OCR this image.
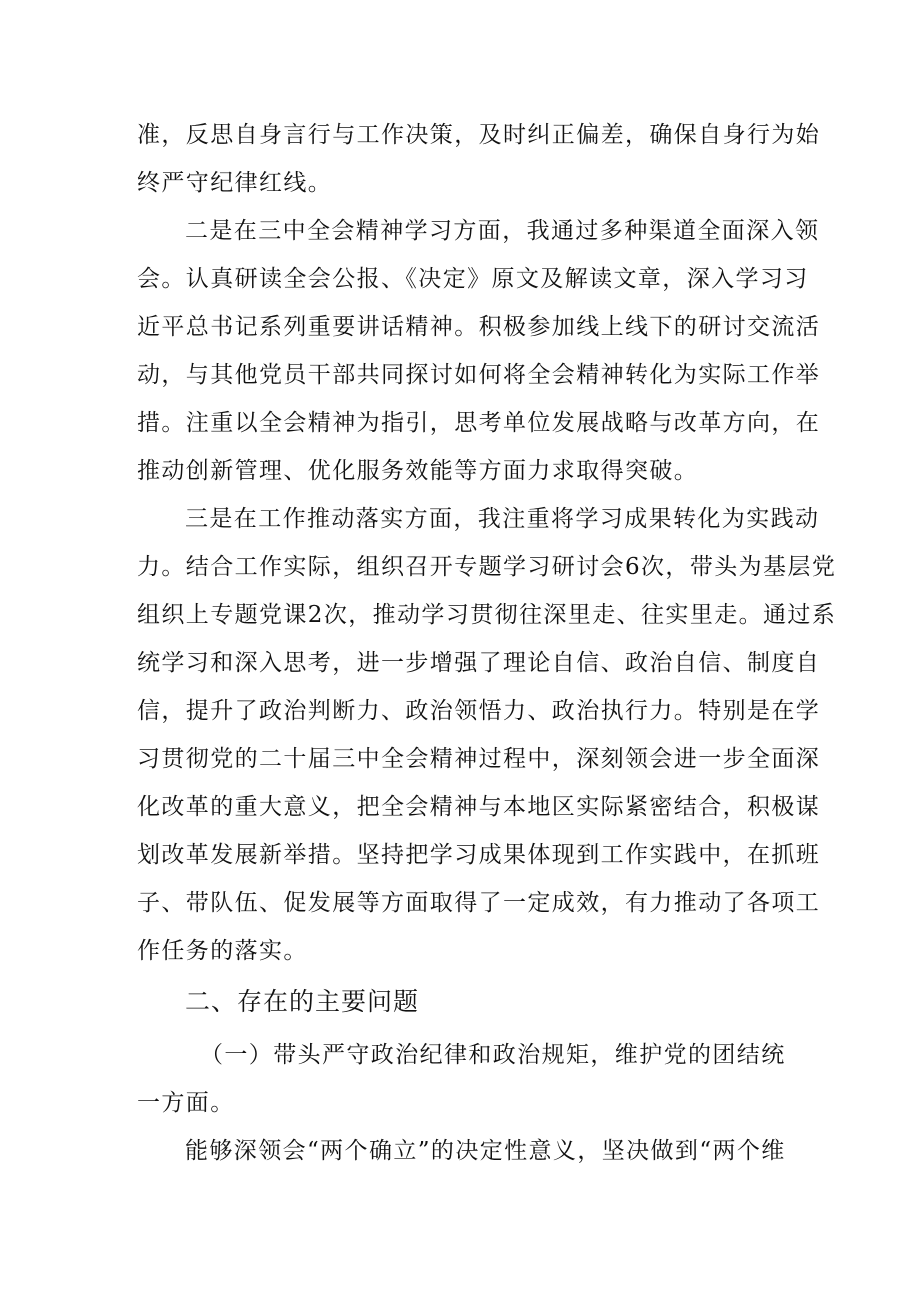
准，反思自身言行与工作决策，及时纠正偏差，确保自身行为始
终严守纪律红线。
二是在三中全会精神学习方面，我通过多种渠道全面深入领
会。认真研读全会公报、《决定》原文及解读文章，深入学习习
近平总书记系列重要讲话精神。积极参加线上线下的研讨交流活
动，与其他党员干部共同探讨如何将全会精神转化为实际工作举
措。注重以全会精神为指引，思考单位发展战略与改革方向，在
推动创新管理、优化服务效能等方面力求取得突破。
三是在工作推动落实方面，我注重将学习成果转化为实践动
力。结合工作实际，组织召开专题学习研讨会6次，带头为基层党
组织上专题党课2次，推动学习贯彻往深里走、往实里走。通过系
统学习和深入思考，进一步增强了理论自信、政治自信、制度自
信，提升了政治判断力、政治领悟力、政治执行力。特别是在学
习贯彻党的二十届三中全会精神过程中，深刻领会进一步全面深
化改革的重大意义，把全会精神与本地区实际紧密结合，积极谋
划改革发展新举措。坚持把学习成果体现到工作实践中，在抓班
子、带队伍、促发展等方面取得了一定成效，有力推动了各项工
作任务的落实。
二、存在的主要问题
（一）带头严守政治纪律和政治规矩，维护党的团结统
一方面。
能够深领会“两个确立”的决定性意义，坚决做到“两个维
